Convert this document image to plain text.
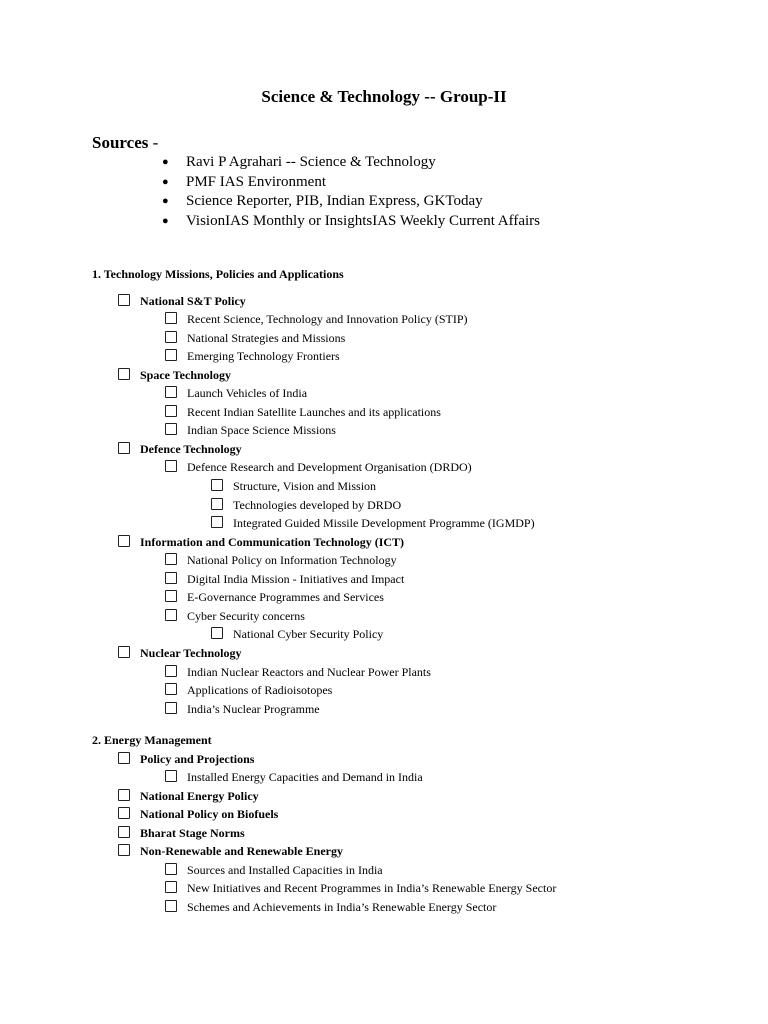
Science & Technology -- Group-II
Sources -
● Ravi P Agrahari -- Science & Technology
● PMF IAS Environment
● Science Reporter, PIB, Indian Express, GKToday
● VisionIAS Monthly or InsightsIAS Weekly Current Affairs
1. Technology Missions, Policies and Applications
National S&T Policy
Recent Science, Technology and Innovation Policy (STIP)
National Strategies and Missions
Emerging Technology Frontiers
Space Technology
Launch Vehicles of India
Recent Indian Satellite Launches and its applications
Indian Space Science Missions
Defence Technology
Defence Research and Development Organisation (DRDO)
Structure, Vision and Mission
Technologies developed by DRDO
Integrated Guided Missile Development Programme (IGMDP)
Information and Communication Technology (ICT)
National Policy on Information Technology
Digital India Mission - Initiatives and Impact
E-Governance Programmes and Services
Cyber Security concerns
National Cyber Security Policy
Nuclear Technology
Indian Nuclear Reactors and Nuclear Power Plants
Applications of Radioisotopes
India’s Nuclear Programme
2. Energy Management
Policy and Projections
Installed Energy Capacities and Demand in India
National Energy Policy
National Policy on Biofuels
Bharat Stage Norms
Non-Renewable and Renewable Energy
Sources and Installed Capacities in India
New Initiatives and Recent Programmes in India’s Renewable Energy Sector
Schemes and Achievements in India’s Renewable Energy Sector
